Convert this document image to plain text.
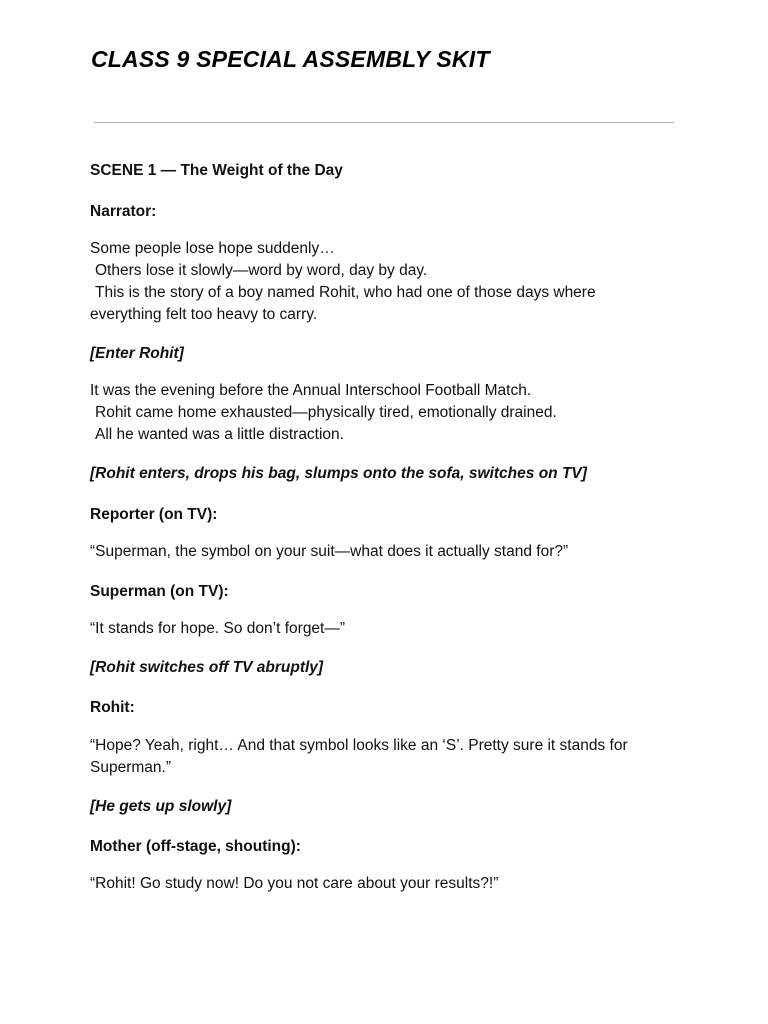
CLASS 9 SPECIAL ASSEMBLY SKIT

SCENE 1 — The Weight of the Day

Narrator:

Some people lose hope suddenly…
Others lose it slowly—word by word, day by day.
This is the story of a boy named Rohit, who had one of those days where
everything felt too heavy to carry.

[Enter Rohit]

It was the evening before the Annual Interschool Football Match.
Rohit came home exhausted—physically tired, emotionally drained.
All he wanted was a little distraction.

[Rohit enters, drops his bag, slumps onto the sofa, switches on TV]

Reporter (on TV):

“Superman, the symbol on your suit—what does it actually stand for?”

Superman (on TV):

“It stands for hope. So don’t forget—”

[Rohit switches off TV abruptly]

Rohit:

“Hope? Yeah, right… And that symbol looks like an ‘S’. Pretty sure it stands for
Superman.”

[He gets up slowly]

Mother (off-stage, shouting):

“Rohit! Go study now! Do you not care about your results?!”
